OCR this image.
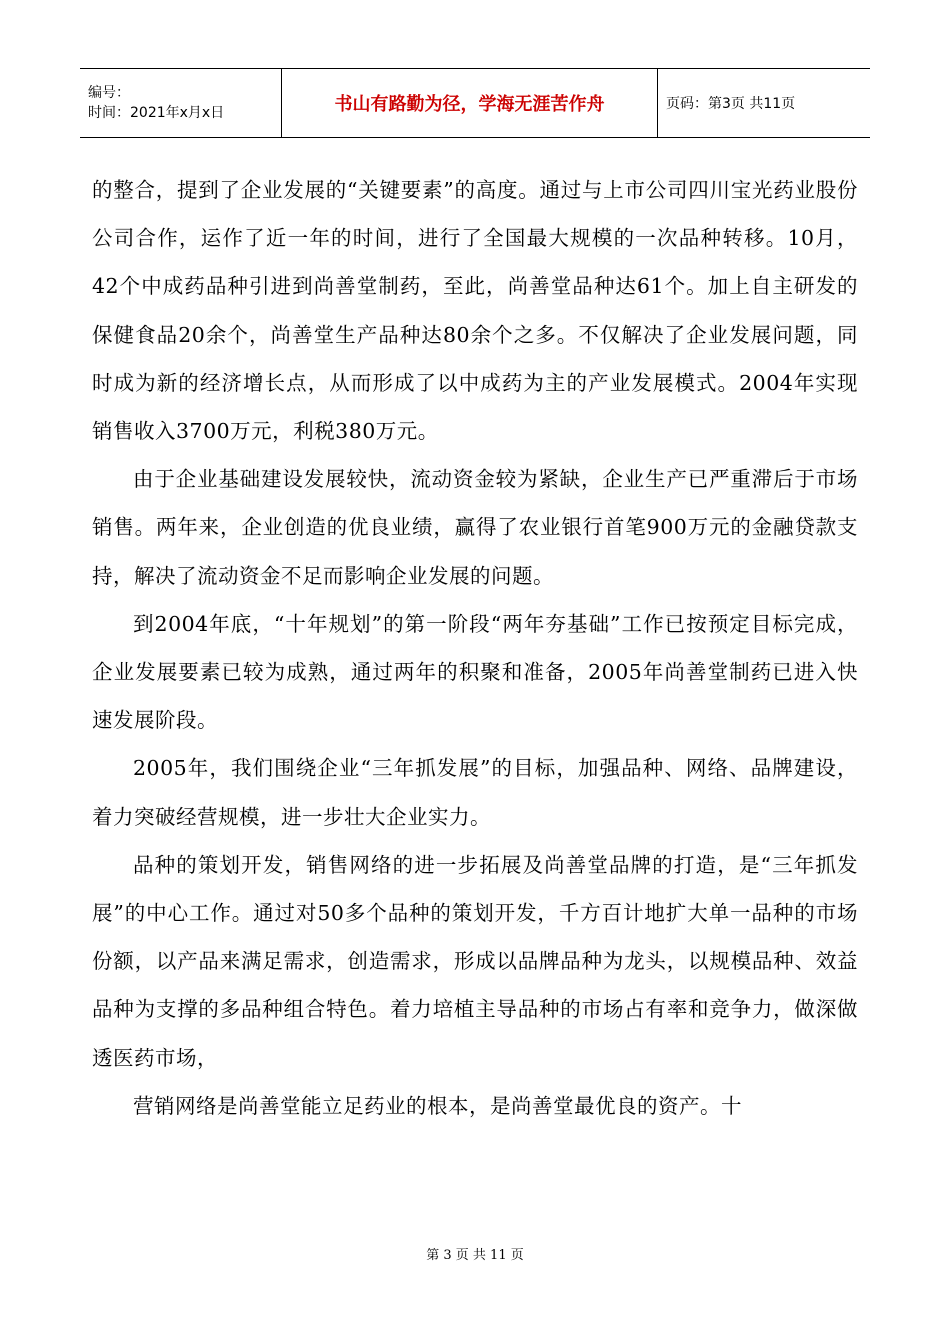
编号：
时间：2021年x月x日	书山有路勤为径，学海无涯苦作舟	页码：第3页 共11页

的整合，提到了企业发展的“关键要素”的高度。通过与上市公司四川宝光药业股份公司合作，运作了近一年的时间，进行了全国最大规模的一次品种转移。10月，42个中成药品种引进到尚善堂制药，至此，尚善堂品种达61个。加上自主研发的保健食品20余个，尚善堂生产品种达80余个之多。不仅解决了企业发展问题，同时成为新的经济增长点，从而形成了以中成药为主的产业发展模式。2004年实现销售收入3700万元，利税380万元。

由于企业基础建设发展较快，流动资金较为紧缺，企业生产已严重滞后于市场销售。两年来，企业创造的优良业绩，赢得了农业银行首笔900万元的金融贷款支持，解决了流动资金不足而影响企业发展的问题。

到2004年底，“十年规划”的第一阶段“两年夯基础”工作已按预定目标完成，企业发展要素已较为成熟，通过两年的积聚和准备，2005年尚善堂制药已进入快速发展阶段。

2005年，我们围绕企业“三年抓发展”的目标，加强品种、网络、品牌建设，着力突破经营规模，进一步壮大企业实力。

品种的策划开发，销售网络的进一步拓展及尚善堂品牌的打造，是“三年抓发展”的中心工作。通过对50多个品种的策划开发，千方百计地扩大单一品种的市场份额，以产品来满足需求，创造需求，形成以品牌品种为龙头，以规模品种、效益品种为支撑的多品种组合特色。着力培植主导品种的市场占有率和竞争力，做深做透医药市场，

营销网络是尚善堂能立足药业的根本，是尚善堂最优良的资产。十

第 3 页 共 11 页
